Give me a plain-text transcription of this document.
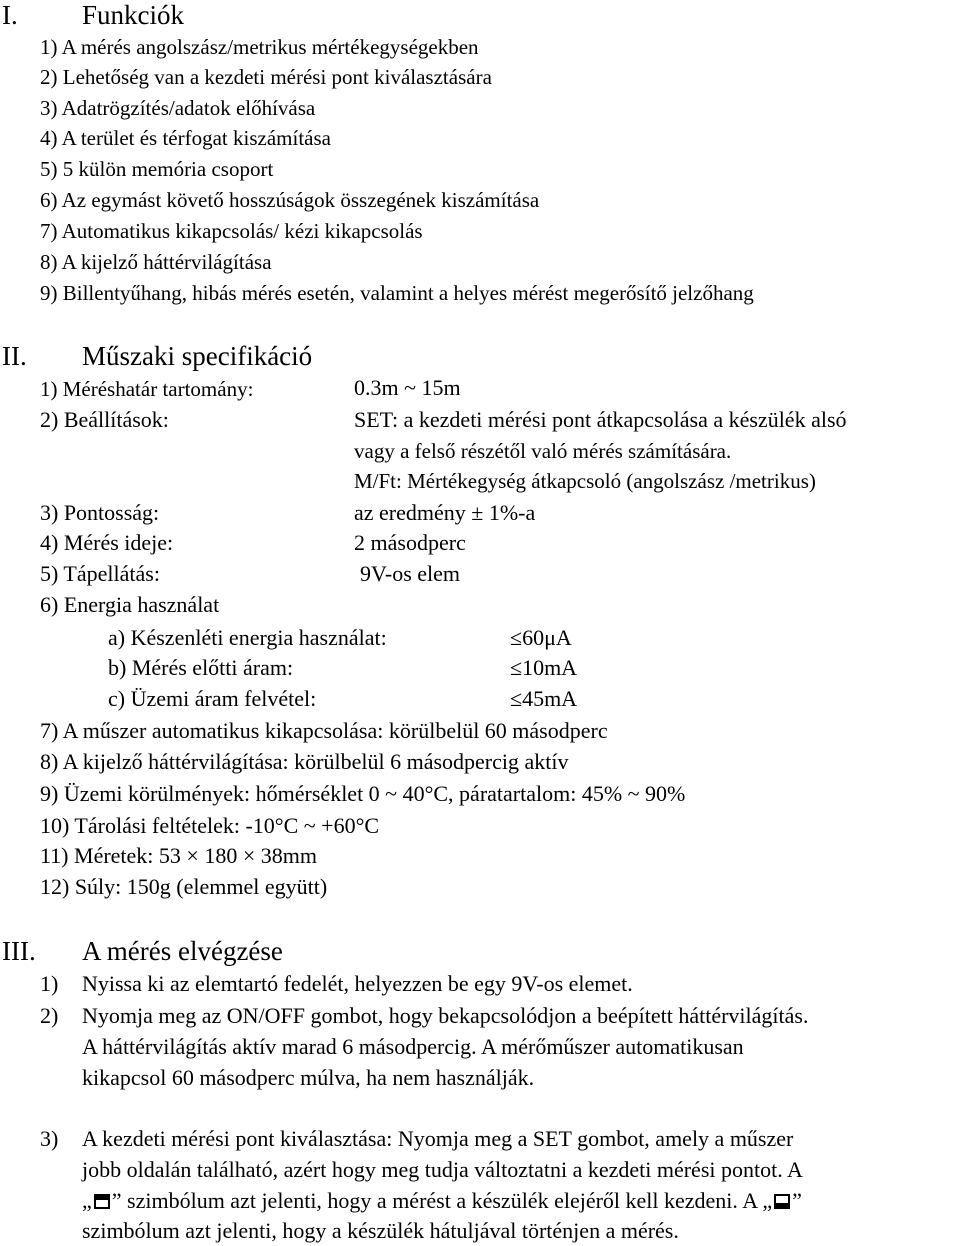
I. Funkciók
1) A mérés angolszász/metrikus mértékegységekben
2) Lehetőség van a kezdeti mérési pont kiválasztására
3) Adatrögzítés/adatok előhívása
4) A terület és térfogat kiszámítása
5) 5 külön memória csoport
6) Az egymást követő hosszúságok összegének kiszámítása
7) Automatikus kikapcsolás/ kézi kikapcsolás
8) A kijelző háttérvilágítása
9) Billentyűhang, hibás mérés esetén, valamint a helyes mérést megerősítő jelzőhang
II. Műszaki specifikáció
1) Méréshatár tartomány:	0.3m ~ 15m
2) Beállítások:	SET: a kezdeti mérési pont átkapcsolása a készülék alsó
vagy a felső részétől való mérés számítására.
M/Ft: Mértékegység átkapcsoló (angolszász /metrikus)
3) Pontosság:	az eredmény ± 1%-a
4) Mérés ideje:	2 másodperc
5) Tápellátás:	9V-os elem
6) Energia használat
a) Készenléti energia használat:	≤60μA
b) Mérés előtti áram:	≤10mA
c) Üzemi áram felvétel:	≤45mA
7) A műszer automatikus kikapcsolása: körülbelül 60 másodperc
8) A kijelző háttérvilágítása: körülbelül 6 másodpercig aktív
9) Üzemi körülmények: hőmérséklet 0 ~ 40°C, páratartalom: 45% ~ 90%
10) Tárolási feltételek: -10°C ~ +60°C
11) Méretek: 53 × 180 × 38mm
12) Súly: 150g (elemmel együtt)
III. A mérés elvégzése
1) Nyissa ki az elemtartó fedelét, helyezzen be egy 9V-os elemet.
2) Nyomja meg az ON/OFF gombot, hogy bekapcsolódjon a beépített háttérvilágítás.
A háttérvilágítás aktív marad 6 másodpercig. A mérőműszer automatikusan
kikapcsol 60 másodperc múlva, ha nem használják.
3) A kezdeti mérési pont kiválasztása: Nyomja meg a SET gombot, amely a műszer
jobb oldalán található, azért hogy meg tudja változtatni a kezdeti mérési pontot. A
„ ” szimbólum azt jelenti, hogy a mérést a készülék elejéről kell kezdeni. A „ ”
szimbólum azt jelenti, hogy a készülék hátuljával történjen a mérés.
